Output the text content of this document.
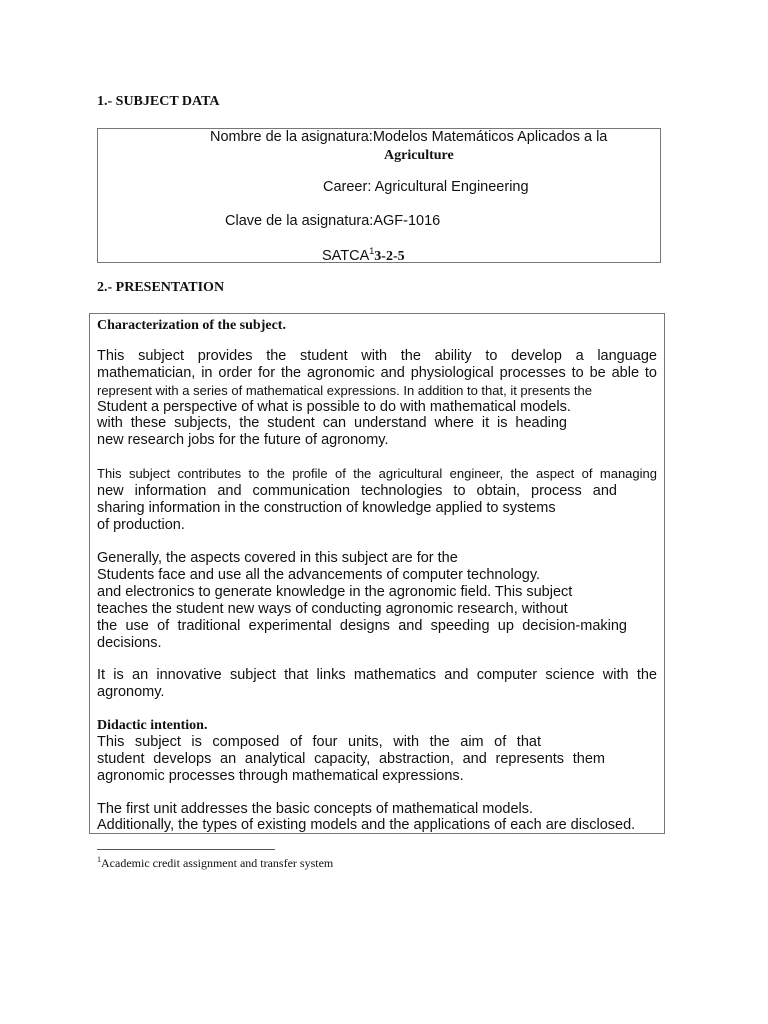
1.- SUBJECT DATA
Nombre de la asignatura:Modelos Matemáticos Aplicados a la
Agriculture
Career: Agricultural Engineering
Clave de la asignatura:AGF-1016
SATCA$^1$3-2-5
2.- PRESENTATION
Characterization of the subject.
This subject provides the student with the ability to develop a language
mathematician, in order for the agronomic and physiological processes to be able to
represent with a series of mathematical expressions. In addition to that, it presents the
Student a perspective of what is possible to do with mathematical models.
with these subjects, the student can understand where it is heading
new research jobs for the future of agronomy.
This subject contributes to the profile of the agricultural engineer, the aspect of managing
new information and communication technologies to obtain, process and
sharing information in the construction of knowledge applied to systems
of production.
Generally, the aspects covered in this subject are for the
Students face and use all the advancements of computer technology.
and electronics to generate knowledge in the agronomic field. This subject
teaches the student new ways of conducting agronomic research, without
the use of traditional experimental designs and speeding up decision-making
decisions.
It is an innovative subject that links mathematics and computer science with the
agronomy.
Didactic intention.
This subject is composed of four units, with the aim of that
student develops an analytical capacity, abstraction, and represents them
agronomic processes through mathematical expressions.
The first unit addresses the basic concepts of mathematical models.
Additionally, the types of existing models and the applications of each are disclosed.
$^1$Academic credit assignment and transfer system
